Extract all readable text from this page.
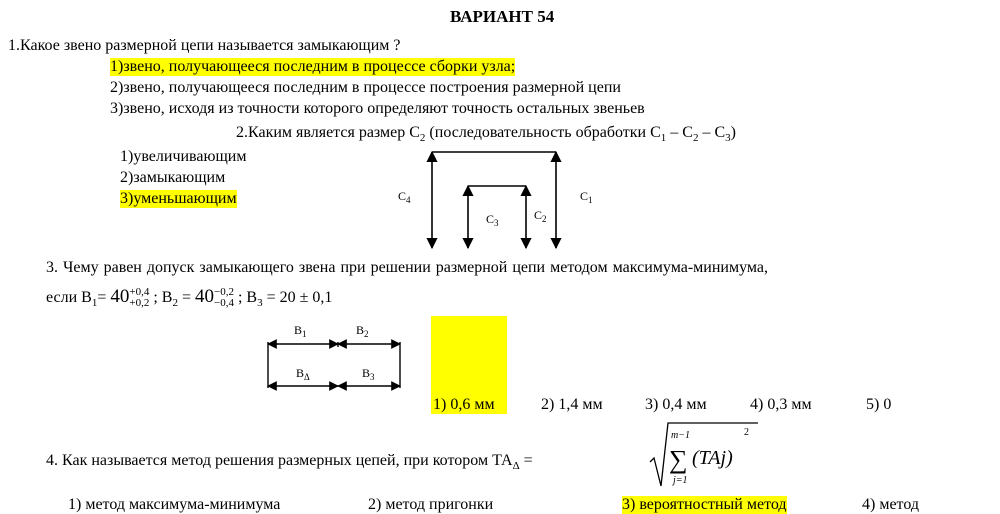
ВАРИАНТ 54
1.Какое звено размерной цепи называется замыкающим ?
1)звено, получающееся последним в процессе сборки узла;
2)звено, получающееся последним в процессе построения размерной цепи
3)звено, исходя из точности которого определяют точность остальных звеньев
2.Каким является размер $С_2$ (последовательность обработки $С_1 - С_2 - С_3$)
1)увеличивающим
2)замыкающим
3)уменьшающим	$С_4$	$С_1$
$С_3$
$С_2$
3. Чему равен допуск замыкающего звена при решении размерной цепи методом максимума-минимума,
если $В_1= 40 +0,4$
+0,2 ; $В_2 = 40 -0,2$
−0,4 ; $В_3 = 20 \pm 0,1$
$В_1$	$В_2$
$В_\Delta$	$В_3$
1) 0,6 мм	2) 1,4 мм	3) 0,4 мм	4) 0,3 мм	5) 0
4. Как называется метод решения размерных цепей, при котором $ТА_\Delta$ =
2
m−1
∑
j=1
(TAj)
1) метод максимума-минимума	2) метод пригонки	3) вероятностный метод	4) метод
